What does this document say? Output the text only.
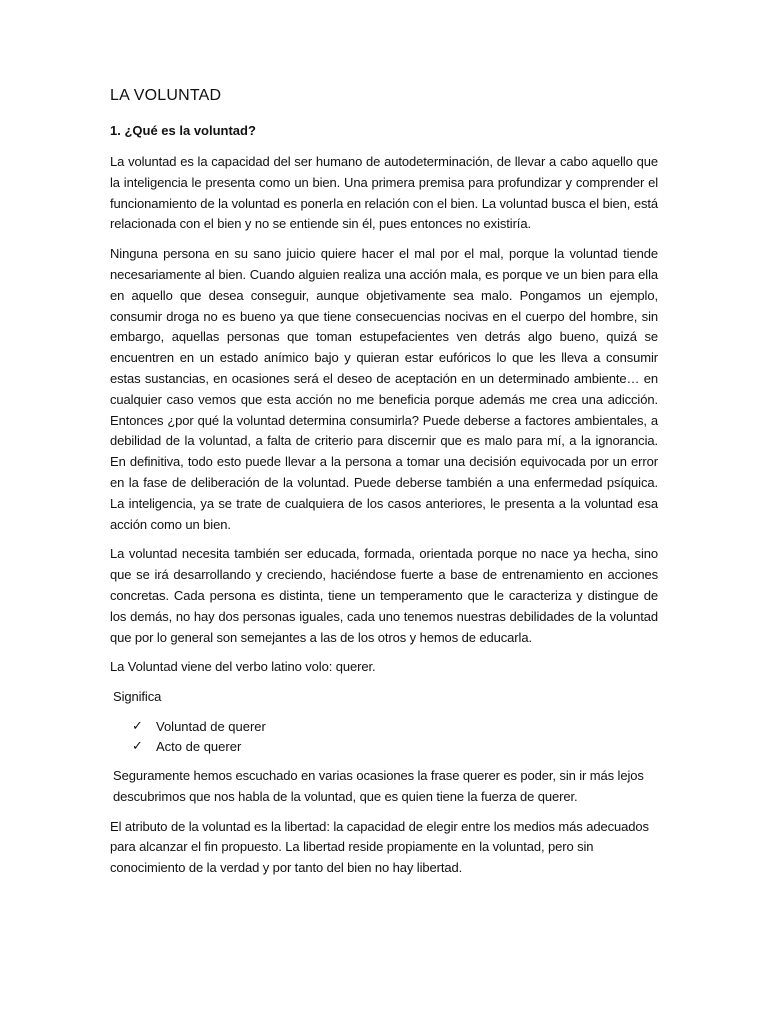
LA VOLUNTAD
1. ¿Qué es la voluntad?

La voluntad es la capacidad del ser humano de autodeterminación, de llevar a cabo aquello que la inteligencia le presenta como un bien. Una primera premisa para profundizar y comprender el funcionamiento de la voluntad es ponerla en relación con el bien. La voluntad busca el bien, está relacionada con el bien y no se entiende sin él, pues entonces no existiría.

Ninguna persona en su sano juicio quiere hacer el mal por el mal, porque la voluntad tiende necesariamente al bien. Cuando alguien realiza una acción mala, es porque ve un bien para ella en aquello que desea conseguir, aunque objetivamente sea malo. Pongamos un ejemplo, consumir droga no es bueno ya que tiene consecuencias nocivas en el cuerpo del hombre, sin embargo, aquellas personas que toman estupefacientes ven detrás algo bueno, quizá se encuentren en un estado anímico bajo y quieran estar eufóricos lo que les lleva a consumir estas sustancias, en ocasiones será el deseo de aceptación en un determinado ambiente… en cualquier caso vemos que esta acción no me beneficia porque además me crea una adicción. Entonces ¿por qué la voluntad determina consumirla? Puede deberse a factores ambientales, a debilidad de la voluntad, a falta de criterio para discernir que es malo para mí, a la ignorancia. En definitiva, todo esto puede llevar a la persona a tomar una decisión equivocada por un error en la fase de deliberación de la voluntad. Puede deberse también a una enfermedad psíquica. La inteligencia, ya se trate de cualquiera de los casos anteriores, le presenta a la voluntad esa acción como un bien.

La voluntad necesita también ser educada, formada, orientada porque no nace ya hecha, sino que se irá desarrollando y creciendo, haciéndose fuerte a base de entrenamiento en acciones concretas. Cada persona es distinta, tiene un temperamento que le caracteriza y distingue de los demás, no hay dos personas iguales, cada uno tenemos nuestras debilidades de la voluntad que por lo general son semejantes a las de los otros y hemos de educarla.

La Voluntad viene del verbo latino volo: querer.

Significa

✓	Voluntad de querer
✓	Acto de querer

Seguramente hemos escuchado en varias ocasiones la frase querer es poder, sin ir más lejos descubrimos que nos habla de la voluntad, que es quien tiene la fuerza de querer.

El atributo de la voluntad es la libertad: la capacidad de elegir entre los medios más adecuados para alcanzar el fin propuesto. La libertad reside propiamente en la voluntad, pero sin conocimiento de la verdad y por tanto del bien no hay libertad.
